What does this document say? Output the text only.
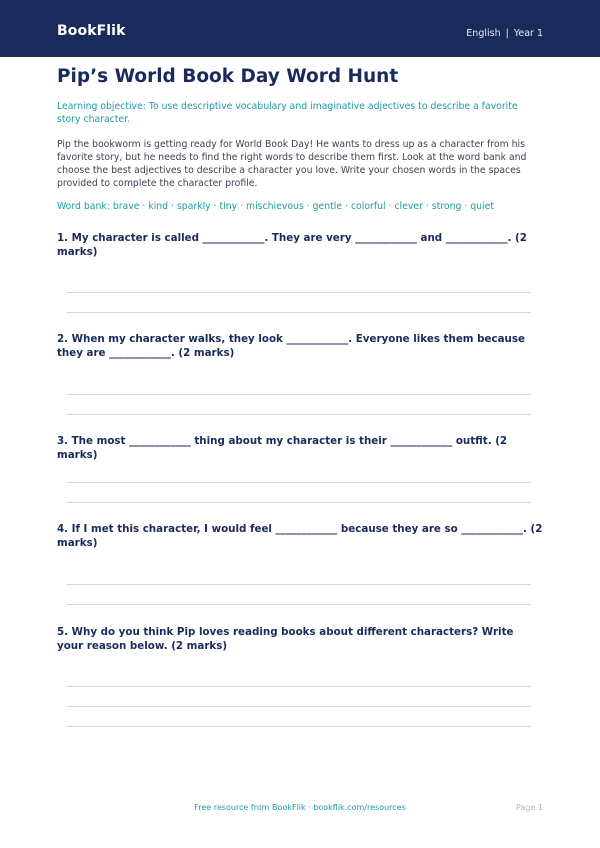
BookFlik	English | Year 1
Pip’s World Book Day Word Hunt

Learning objective: To use descriptive vocabulary and imaginative adjectives to describe a favorite story character.

Pip the bookworm is getting ready for World Book Day! He wants to dress up as a character from his favorite story, but he needs to find the right words to describe them first. Look at the word bank and choose the best adjectives to describe a character you love. Write your chosen words in the spaces provided to complete the character profile.

Word bank: brave · kind · sparkly · tiny · mischievous · gentle · colorful · clever · strong · quiet

1. My character is called ____________. They are very ____________ and ____________. (2 marks)

2. When my character walks, they look ____________. Everyone likes them because they are ____________. (2 marks)

3. The most ____________ thing about my character is their ____________ outfit. (2 marks)

4. If I met this character, I would feel ____________ because they are so ____________. (2 marks)

5. Why do you think Pip loves reading books about different characters? Write your reason below. (2 marks)

Free resource from BookFlik · bookflik.com/resources	Page 1
